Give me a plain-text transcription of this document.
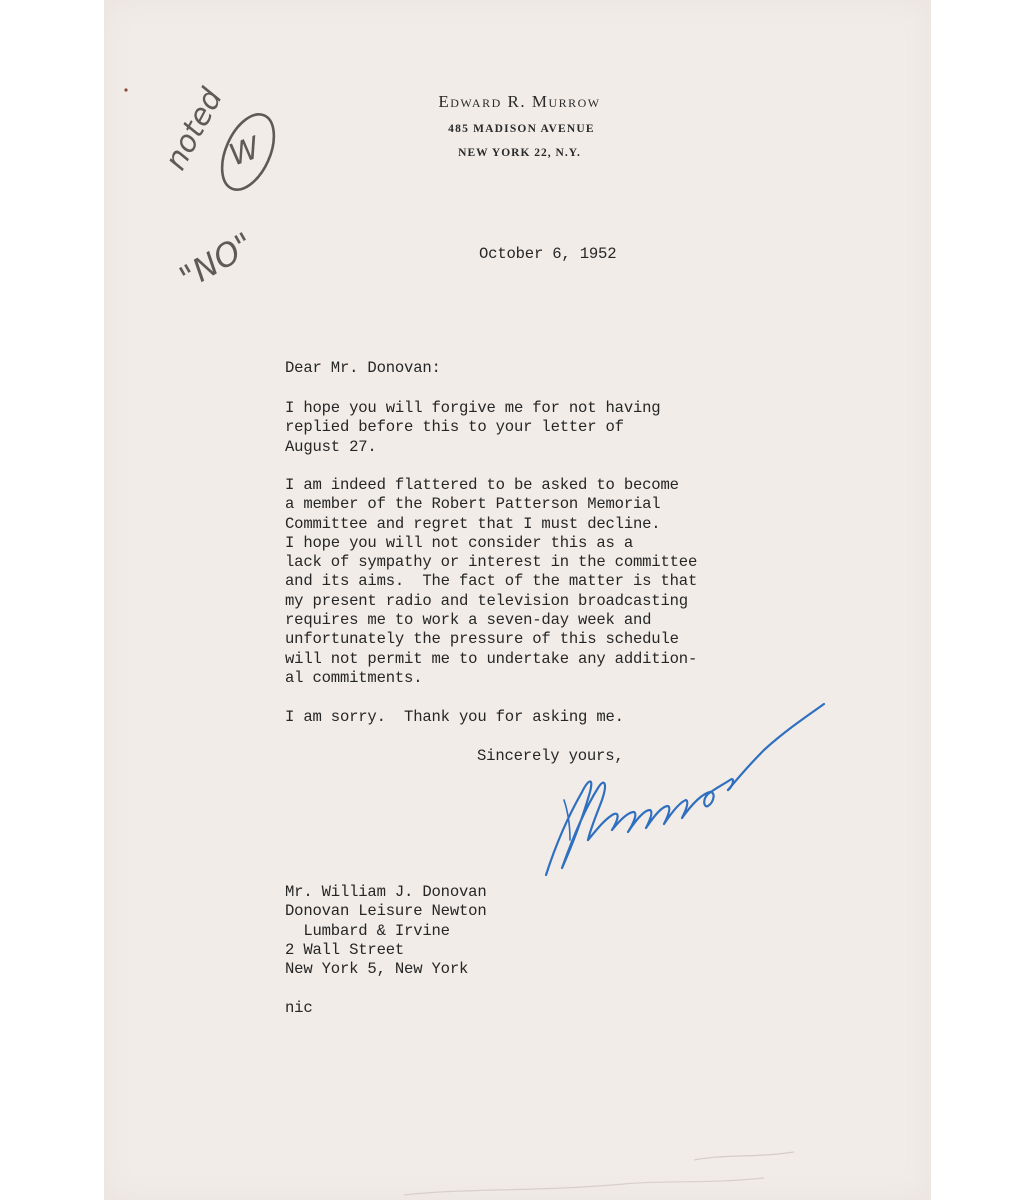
Edward R. Murrow
485 MADISON AVENUE
NEW YORK 22, N.Y.
October 6, 1952
Dear Mr. Donovan:
I hope you will forgive me for not having
replied before this to your letter of
August 27.
I am indeed flattered to be asked to become
a member of the Robert Patterson Memorial
Committee and regret that I must decline.
I hope you will not consider this as a
lack of sympathy or interest in the committee
and its aims.  The fact of the matter is that
my present radio and television broadcasting
requires me to work a seven-day week and
unfortunately the pressure of this schedule
will not permit me to undertake any addition-
al commitments.
I am sorry.  Thank you for asking me.
Sincerely yours,
Mr. William J. Donovan
Donovan Leisure Newton
Lumbard & Irvine
2 Wall Street
New York 5, New York
nic
noted
W
"NO"
